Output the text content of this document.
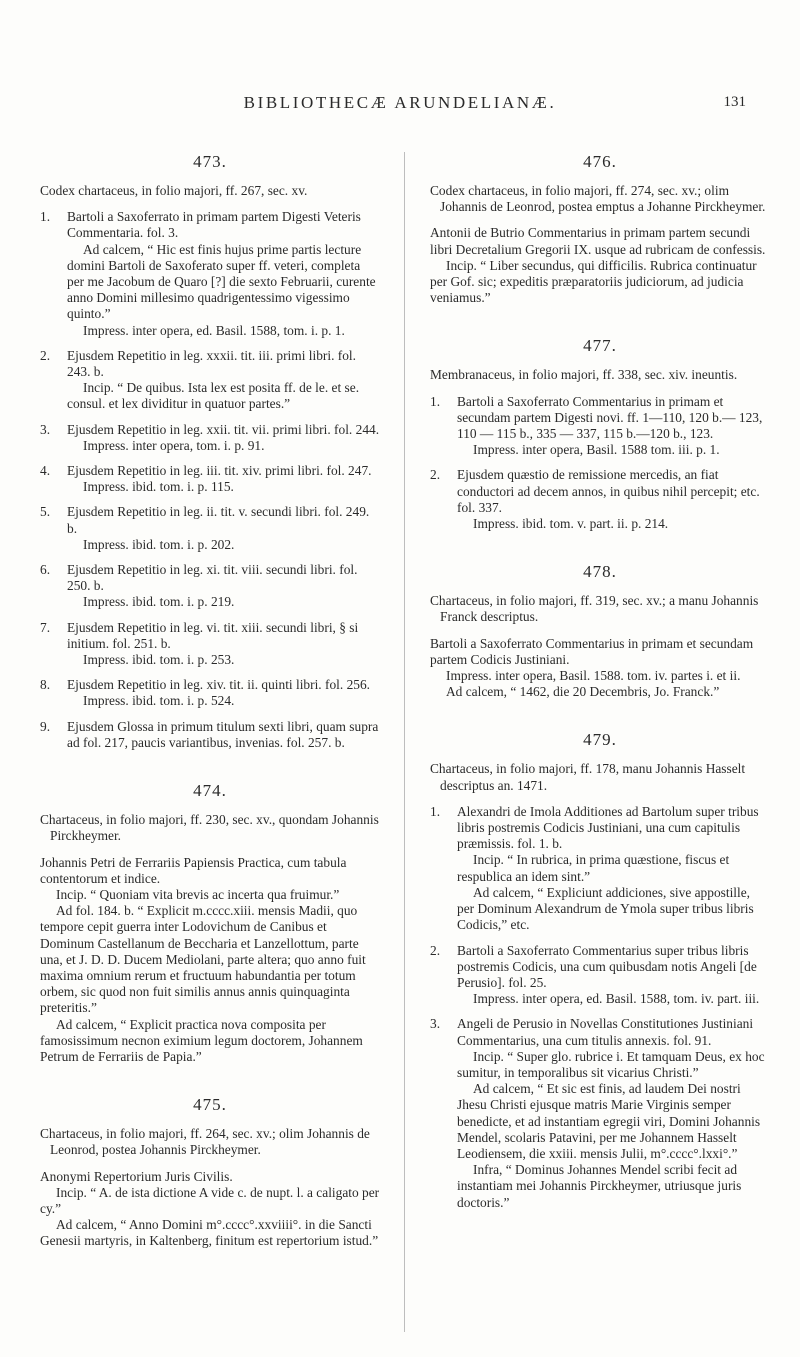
BIBLIOTHECÆ ARUNDELIANÆ.	131
473.

Codex chartaceus, in folio majori, ff. 267, sec. xv.

1. Bartoli a Saxoferrato in primam partem Digesti Veteris Commentaria. fol. 3.

Ad calcem, “ Hic est finis hujus prime partis lecture domini Bartoli de Saxoferato super ff. veteri, completa per me Jacobum de Quaro [?] die sexto Februarii, curente anno Domini millesimo quadrigentessimo vigessimo quinto.”

Impress. inter opera, ed. Basil. 1588, tom. i. p. 1.

2. Ejusdem Repetitio in leg. xxxii. tit. iii. primi libri. fol. 243. b.

Incip. “ De quibus. Ista lex est posita ff. de le. et se. consul. et lex dividitur in quatuor partes.”

3. Ejusdem Repetitio in leg. xxii. tit. vii. primi libri. fol. 244.

Impress. inter opera, tom. i. p. 91.

4. Ejusdem Repetitio in leg. iii. tit. xiv. primi libri. fol. 247.

Impress. ibid. tom. i. p. 115.

5. Ejusdem Repetitio in leg. ii. tit. v. secundi libri. fol. 249. b.

Impress. ibid. tom. i. p. 202.

6. Ejusdem Repetitio in leg. xi. tit. viii. secundi libri. fol. 250. b.

Impress. ibid. tom. i. p. 219.

7. Ejusdem Repetitio in leg. vi. tit. xiii. secundi libri, § si initium. fol. 251. b.

Impress. ibid. tom. i. p. 253.

8. Ejusdem Repetitio in leg. xiv. tit. ii. quinti libri. fol. 256.

Impress. ibid. tom. i. p. 524.

9. Ejusdem Glossa in primum titulum sexti libri, quam supra ad fol. 217, paucis variantibus, invenias. fol. 257. b.

474.

Chartaceus, in folio majori, ff. 230, sec. xv., quondam Johannis Pirckheymer.

Johannis Petri de Ferrariis Papiensis Practica, cum tabula contentorum et indice.

Incip. “ Quoniam vita brevis ac incerta qua fruimur.”

Ad fol. 184. b. “ Explicit m.cccc.xiii. mensis Madii, quo tempore cepit guerra inter Lodovichum de Canibus et Dominum Castellanum de Beccharia et Lanzellottum, parte una, et J. D. D. Ducem Mediolani, parte altera; quo anno fuit maxima omnium rerum et fructuum habundantia per totum orbem, sic quod non fuit similis annus annis quinquaginta preteritis.”

Ad calcem, “ Explicit practica nova composita per famosissimum necnon eximium legum doctorem, Johannem Petrum de Ferrariis de Papia.”

475.

Chartaceus, in folio majori, ff. 264, sec. xv.; olim Johannis de Leonrod, postea Johannis Pirckheymer.

Anonymi Repertorium Juris Civilis.

Incip. “ A. de ista dictione A vide c. de nupt. l. a caligato per cy.”

Ad calcem, “ Anno Domini m°.cccc°.xxviiii°. in die Sancti Genesii martyris, in Kaltenberg, finitum est repertorium istud.”

476.

Codex chartaceus, in folio majori, ff. 274, sec. xv.; olim Johannis de Leonrod, postea emptus a Johanne Pirckheymer.

Antonii de Butrio Commentarius in primam partem secundi libri Decretalium Gregorii IX. usque ad rubricam de confessis.

Incip. “ Liber secundus, qui difficilis. Rubrica continuatur per Gof. sic; expeditis præparatoriis judiciorum, ad judicia veniamus.”

477.

Membranaceus, in folio majori, ff. 338, sec. xiv. ineuntis.

1. Bartoli a Saxoferrato Commentarius in primam et secundam partem Digesti novi. ff. 1—110, 120 b.— 123, 110 — 115 b., 335 — 337, 115 b.—120 b., 123.

Impress. inter opera, Basil. 1588 tom. iii. p. 1.

2. Ejusdem quæstio de remissione mercedis, an fiat conductori ad decem annos, in quibus nihil percepit; etc. fol. 337.

Impress. ibid. tom. v. part. ii. p. 214.

478.

Chartaceus, in folio majori, ff. 319, sec. xv.; a manu Johannis Franck descriptus.

Bartoli a Saxoferrato Commentarius in primam et secundam partem Codicis Justiniani.

Impress. inter opera, Basil. 1588. tom. iv. partes i. et ii.

Ad calcem, “ 1462, die 20 Decembris, Jo. Franck.”

479.

Chartaceus, in folio majori, ff. 178, manu Johannis Hasselt descriptus an. 1471.

1. Alexandri de Imola Additiones ad Bartolum super tribus libris postremis Codicis Justiniani, una cum capitulis præmissis. fol. 1. b.

Incip. “ In rubrica, in prima quæstione, fiscus et respublica an idem sint.”

Ad calcem, “ Expliciunt addiciones, sive appostille, per Dominum Alexandrum de Ymola super tribus libris Codicis,” etc.

2. Bartoli a Saxoferrato Commentarius super tribus libris postremis Codicis, una cum quibusdam notis Angeli [de Perusio]. fol. 25.

Impress. inter opera, ed. Basil. 1588, tom. iv. part. iii.

3. Angeli de Perusio in Novellas Constitutiones Justiniani Commentarius, una cum titulis annexis. fol. 91.

Incip. “ Super glo. rubrice i. Et tamquam Deus, ex hoc sumitur, in temporalibus sit vicarius Christi.”

Ad calcem, “ Et sic est finis, ad laudem Dei nostri Jhesu Christi ejusque matris Marie Virginis semper benedicte, et ad instantiam egregii viri, Domini Johannis Mendel, scolaris Patavini, per me Johannem Hasselt Leodiensem, die xxiii. mensis Julii, m°.cccc°.lxxi°.”

Infra, “ Dominus Johannes Mendel scribi fecit ad instantiam mei Johannis Pirckheymer, utriusque juris doctoris.”
